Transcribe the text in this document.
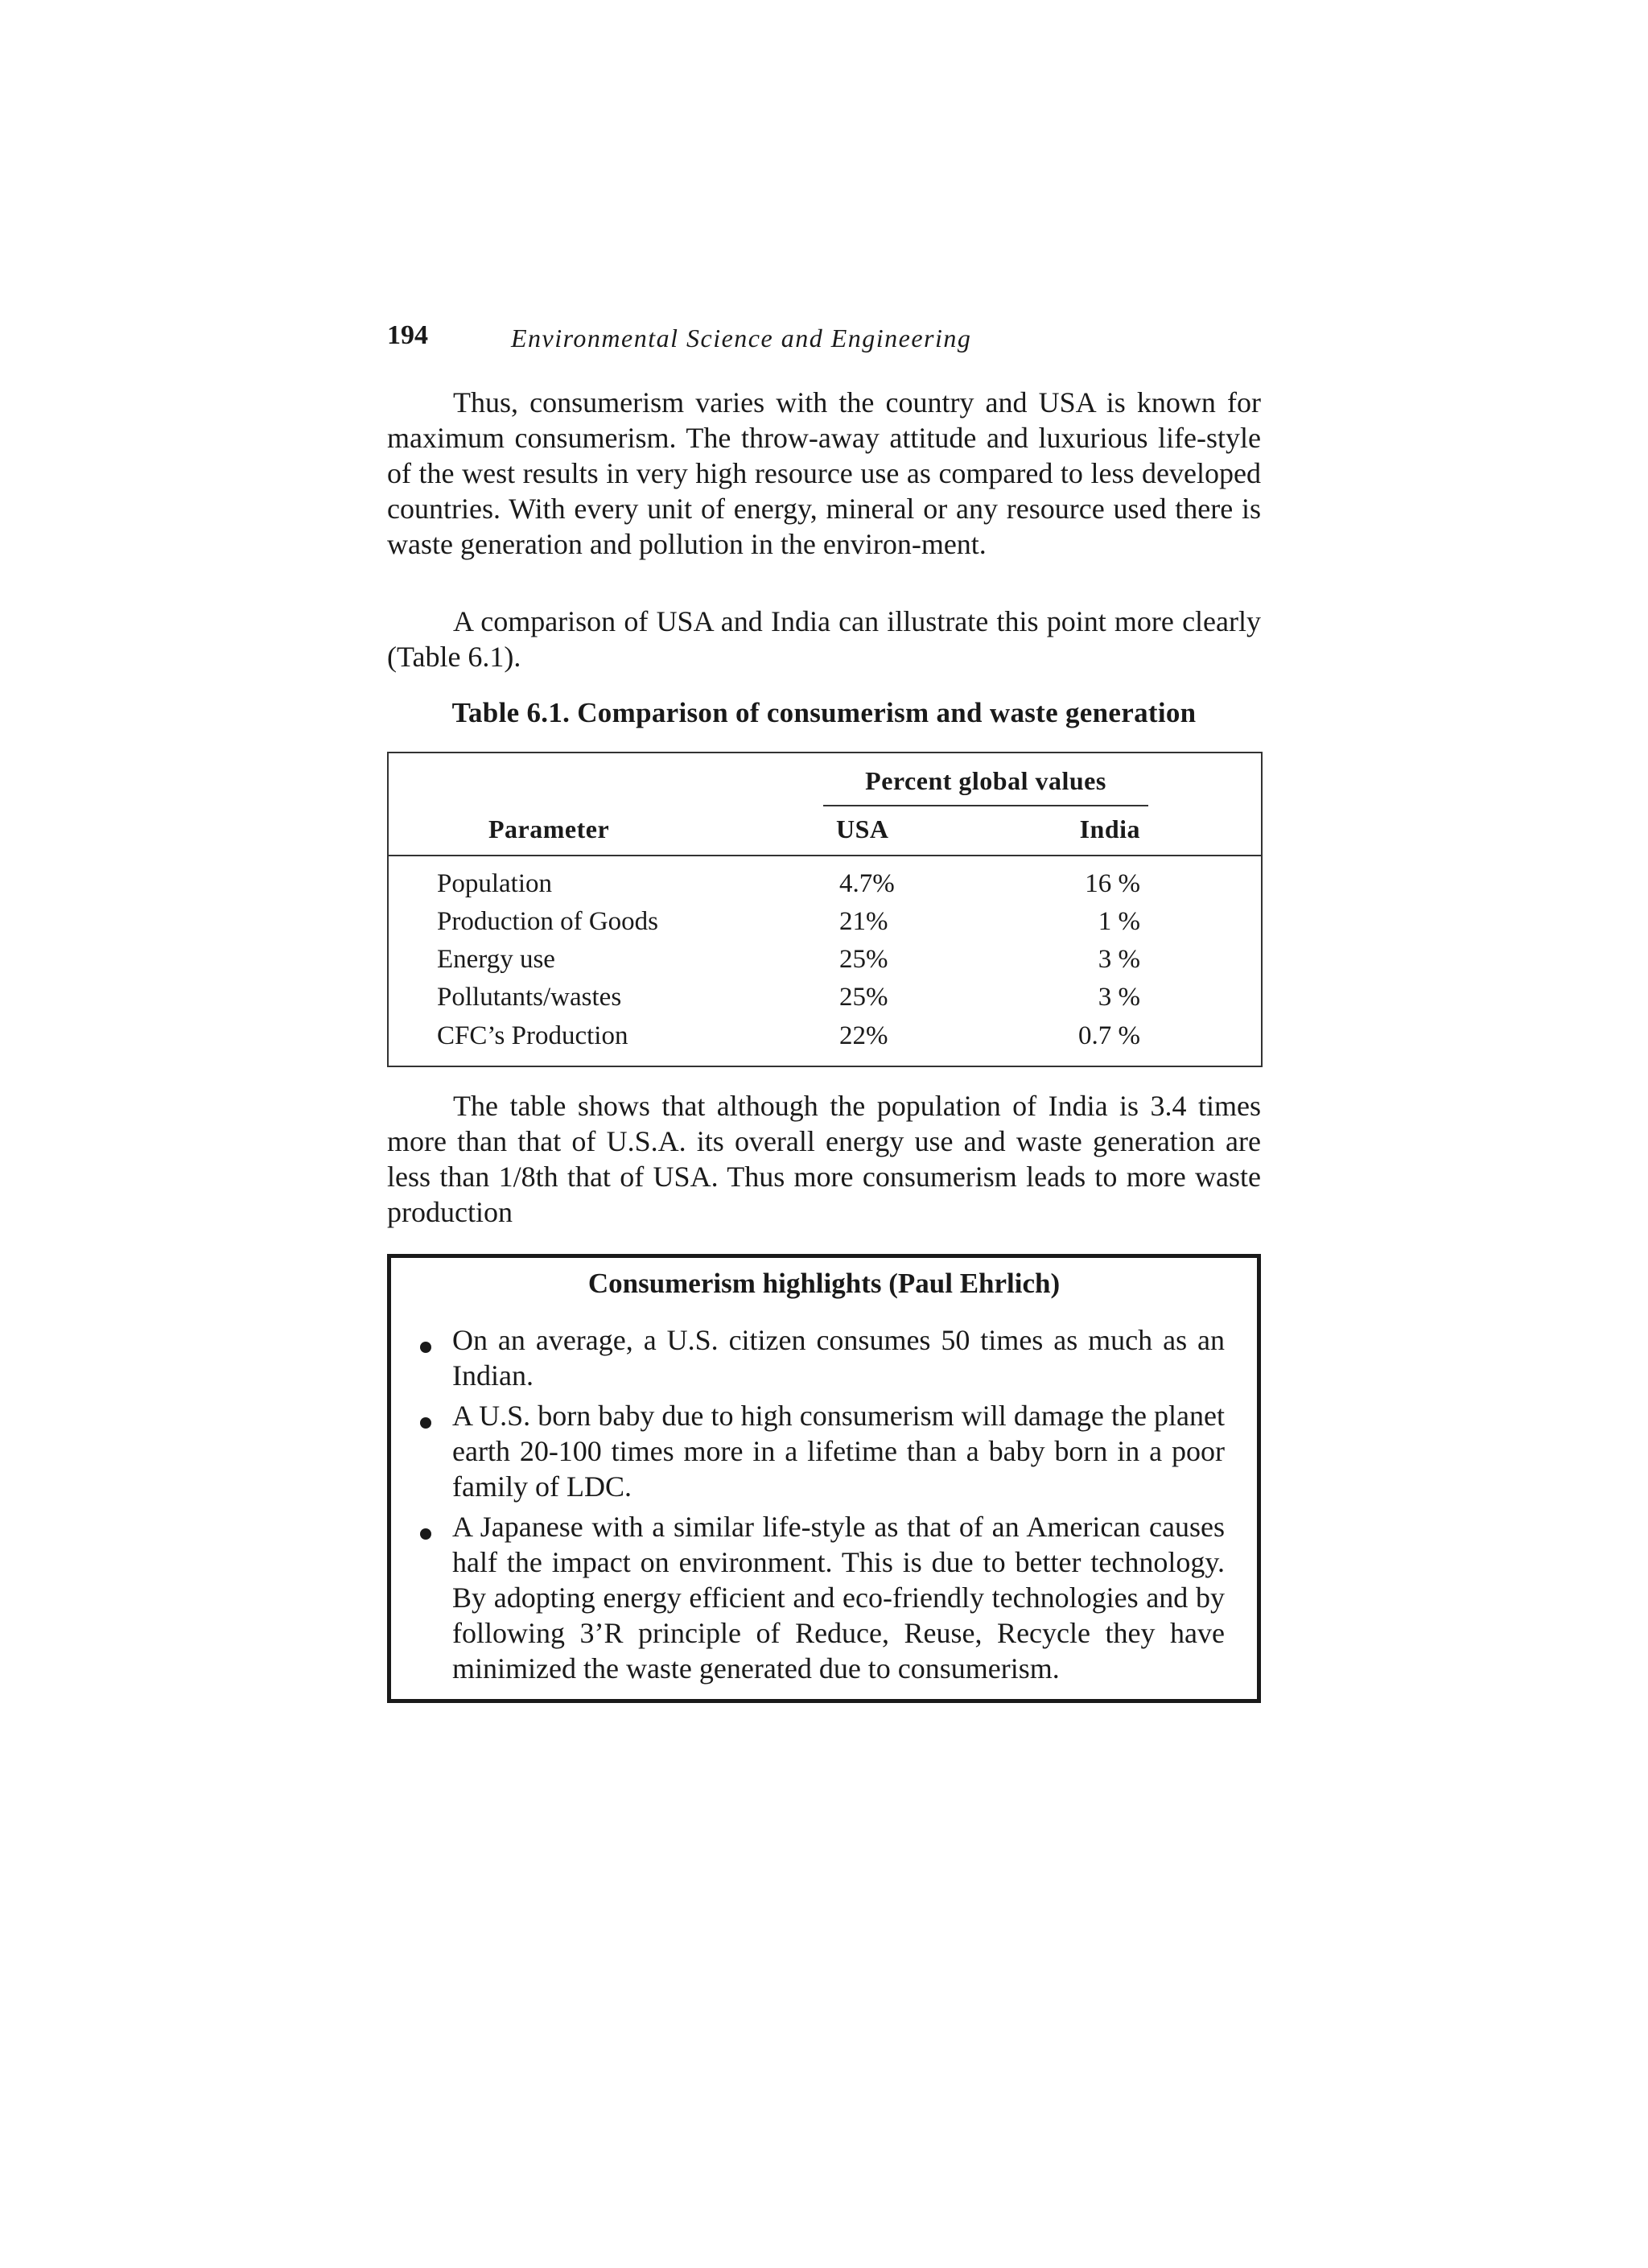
194	Environmental Science and Engineering

Thus, consumerism varies with the country and USA is known for maximum consumerism. The throw-away attitude and luxurious life-style of the west results in very high resource use as compared to less developed countries. With every unit of energy, mineral or any resource used there is waste generation and pollution in the environ-ment.

A comparison of USA and India can illustrate this point more clearly (Table 6.1).

Table 6.1. Comparison of consumerism and waste generation
Percent global values
Parameter	USA	India
Population	4.7%	16 %
Production of Goods	21%	1 %
Energy use	25%	3 %
Pollutants/wastes	25%	3 %
CFC’s Production	22%	0.7 %

The table shows that although the population of India is 3.4 times more than that of U.S.A. its overall energy use and waste generation are less than 1/8th that of USA. Thus more consumerism leads to more waste production

Consumerism highlights (Paul Ehrlich)
On an average, a U.S. citizen consumes 50 times as much as an Indian.
A U.S. born baby due to high consumerism will damage the planet earth 20-100 times more in a lifetime than a baby born in a poor family of LDC.
A Japanese with a similar life-style as that of an American causes half the impact on environment. This is due to better technology. By adopting energy efficient and eco-friendly technologies and by following 3’R principle of Reduce, Reuse, Recycle they have minimized the waste generated due to consumerism.
